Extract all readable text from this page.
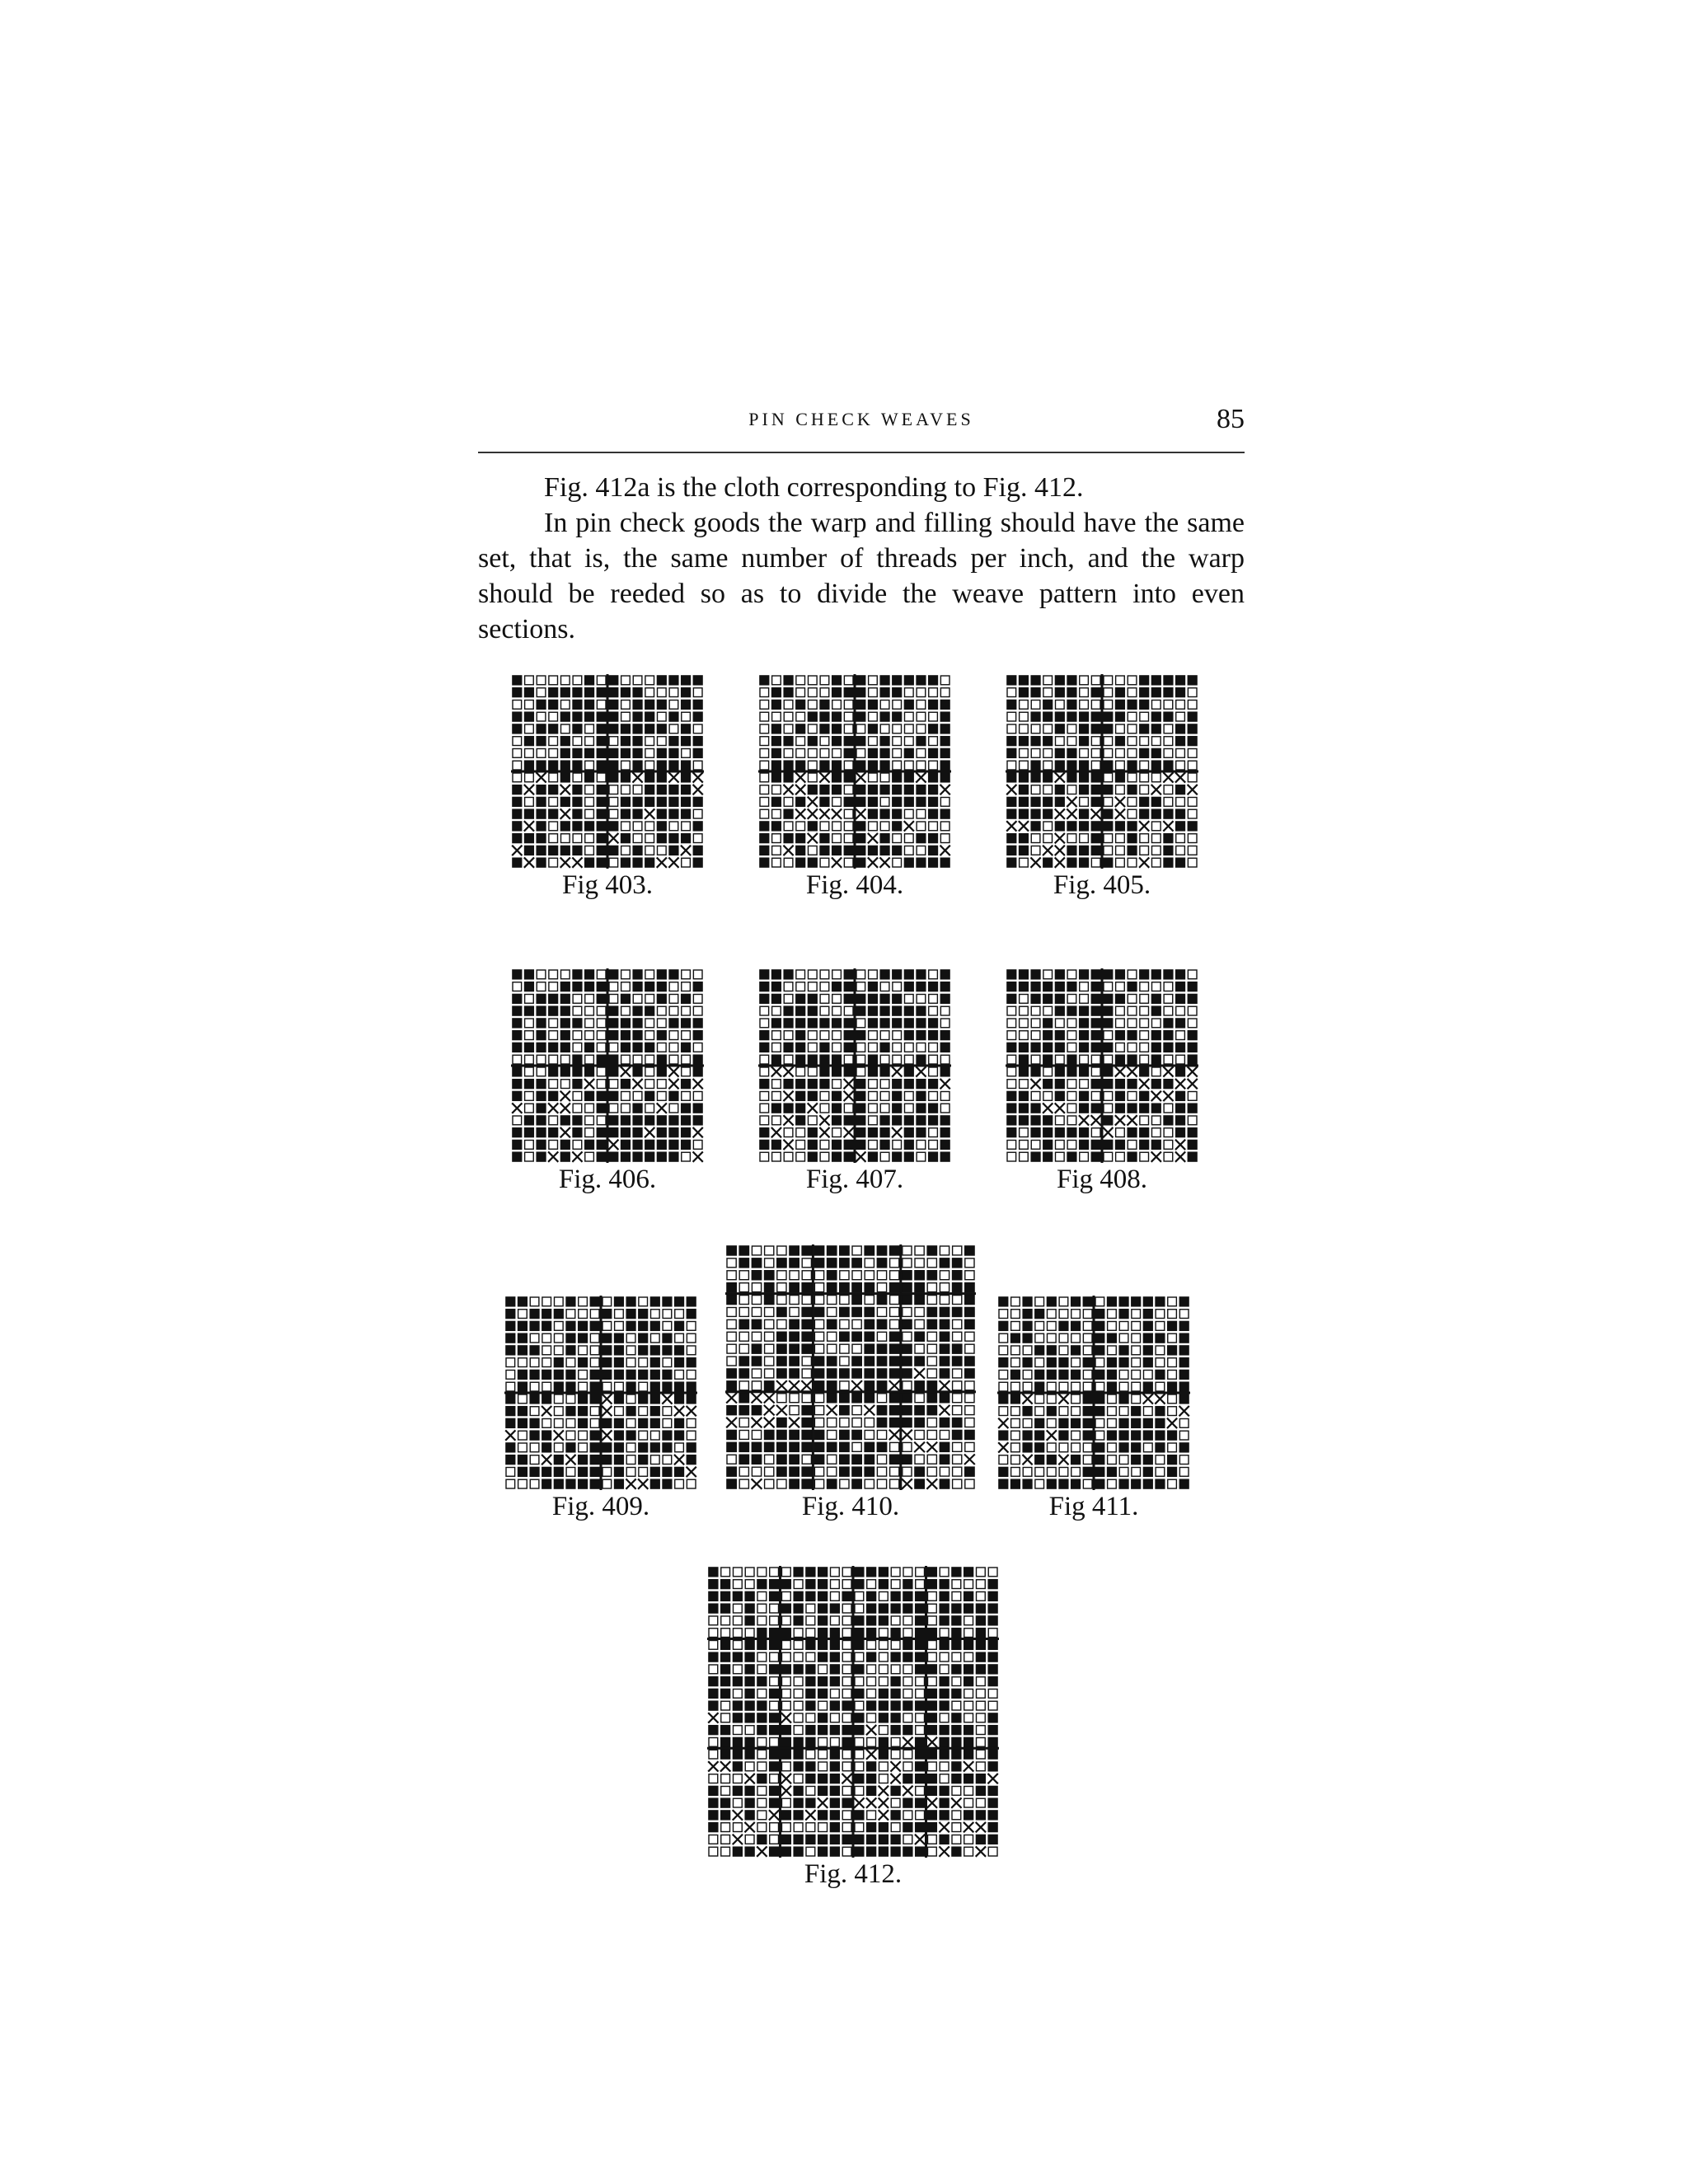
PIN CHECK WEAVES	85

Fig. 412a is the cloth corresponding to Fig. 412.

In pin check goods the warp and filling should have the same set, that is, the same number of threads per inch, and the warp should be reeded so as to divide the weave pattern into even sections.

Fig 403.	Fig. 404.	Fig. 405.
Fig. 406.	Fig. 407.	Fig 408.
Fig. 409.	Fig. 410.	Fig 411.
Fig. 412.
